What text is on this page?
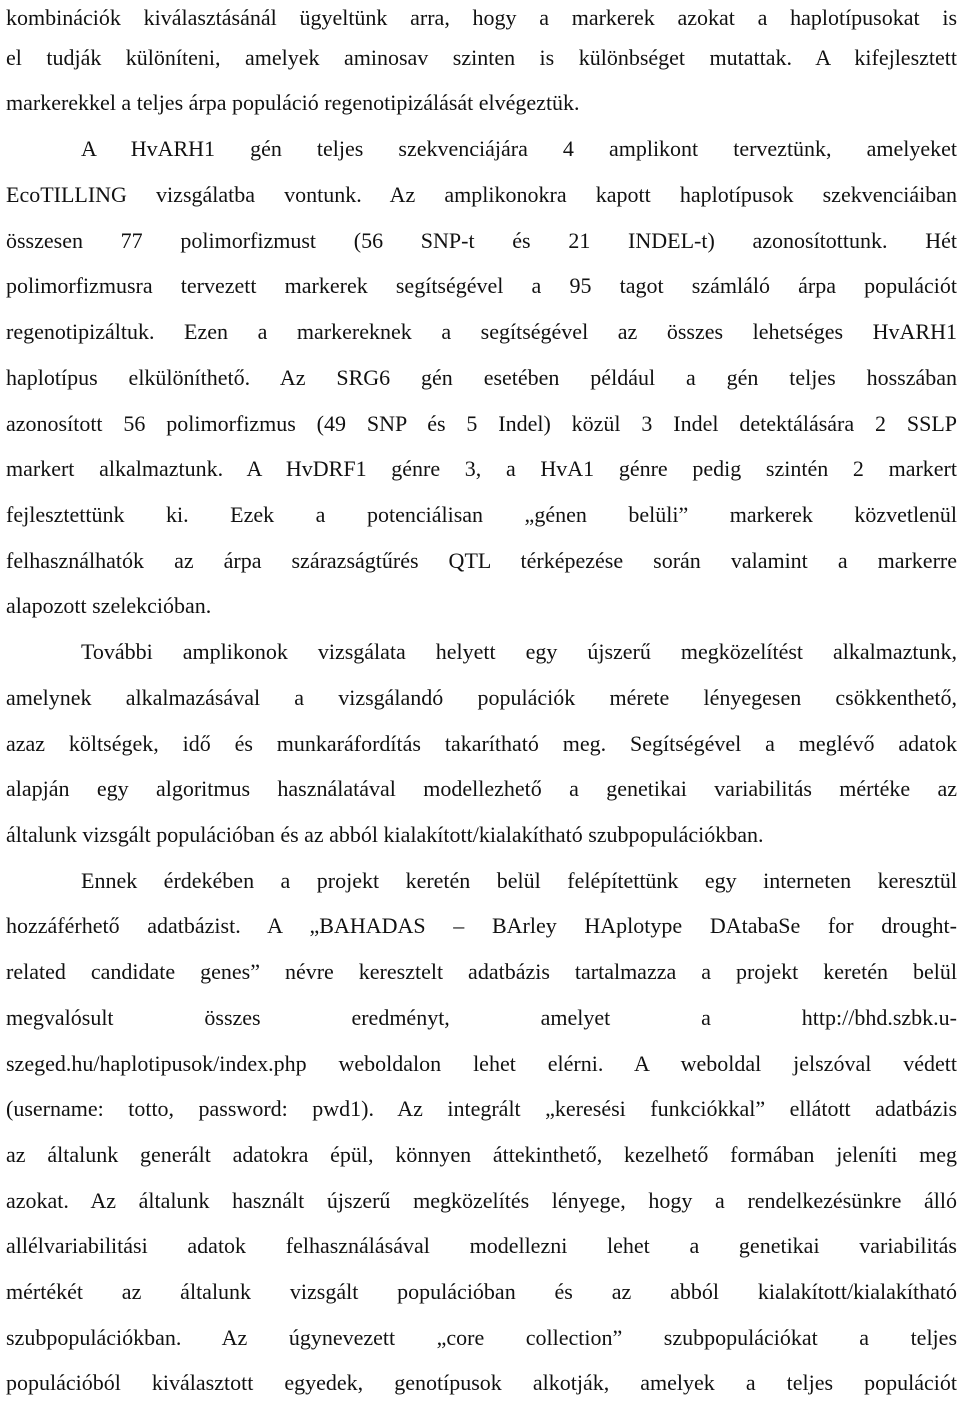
kombinációk kiválasztásánál ügyeltünk arra, hogy a markerek azokat a haplotípusokat is
el tudják különíteni, amelyek aminosav szinten is különbséget mutattak. A kifejlesztett
markerekkel a teljes árpa populáció regenotipizálását elvégeztük.
A HvARH1 gén teljes szekvenciájára 4 amplikont terveztünk, amelyeket
EcoTILLING vizsgálatba vontunk. Az amplikonokra kapott haplotípusok szekvenciáiban
összesen 77 polimorfizmust (56 SNP-t és 21 INDEL-t) azonosítottunk. Hét
polimorfizmusra tervezett markerek segítségével a 95 tagot számláló árpa populációt
regenotipizáltuk. Ezen a markereknek a segítségével az összes lehetséges HvARH1
haplotípus elkülöníthető. Az SRG6 gén esetében például a gén teljes hosszában
azonosított 56 polimorfizmus (49 SNP és 5 Indel) közül 3 Indel detektálására 2 SSLP
markert alkalmaztunk. A HvDRF1 génre 3, a HvA1 génre pedig szintén 2 markert
fejlesztettünk ki. Ezek a potenciálisan „génen belüli” markerek közvetlenül
felhasználhatók az árpa szárazságtűrés QTL térképezése során valamint a markerre
alapozott szelekcióban.
További amplikonok vizsgálata helyett egy újszerű megközelítést alkalmaztunk,
amelynek alkalmazásával a vizsgálandó populációk mérete lényegesen csökkenthető,
azaz költségek, idő és munkaráfordítás takarítható meg. Segítségével a meglévő adatok
alapján egy algoritmus használatával modellezhető a genetikai variabilitás mértéke az
általunk vizsgált populációban és az abból kialakított/kialakítható szubpopulációkban.
Ennek érdekében a projekt keretén belül felépítettünk egy interneten keresztül
hozzáférhető adatbázist. A „BAHADAS – BArley HAplotype DAtabaSe for drought-
related candidate genes” névre keresztelt adatbázis tartalmazza a projekt keretén belül
megvalósult összes eredményt, amelyet a http://bhd.szbk.u-
szeged.hu/haplotipusok/index.php weboldalon lehet elérni. A weboldal jelszóval védett
(username: totto, password: pwd1). Az integrált „keresési funkciókkal” ellátott adatbázis
az általunk generált adatokra épül, könnyen áttekinthető, kezelhető formában jeleníti meg
azokat. Az általunk használt újszerű megközelítés lényege, hogy a rendelkezésünkre álló
allélvariabilitási adatok felhasználásával modellezni lehet a genetikai variabilitás
mértékét az általunk vizsgált populációban és az abból kialakított/kialakítható
szubpopulációkban. Az úgynevezett „core collection” szubpopulációkat a teljes
populációból kiválasztott egyedek, genotípusok alkotják, amelyek a teljes populációt
